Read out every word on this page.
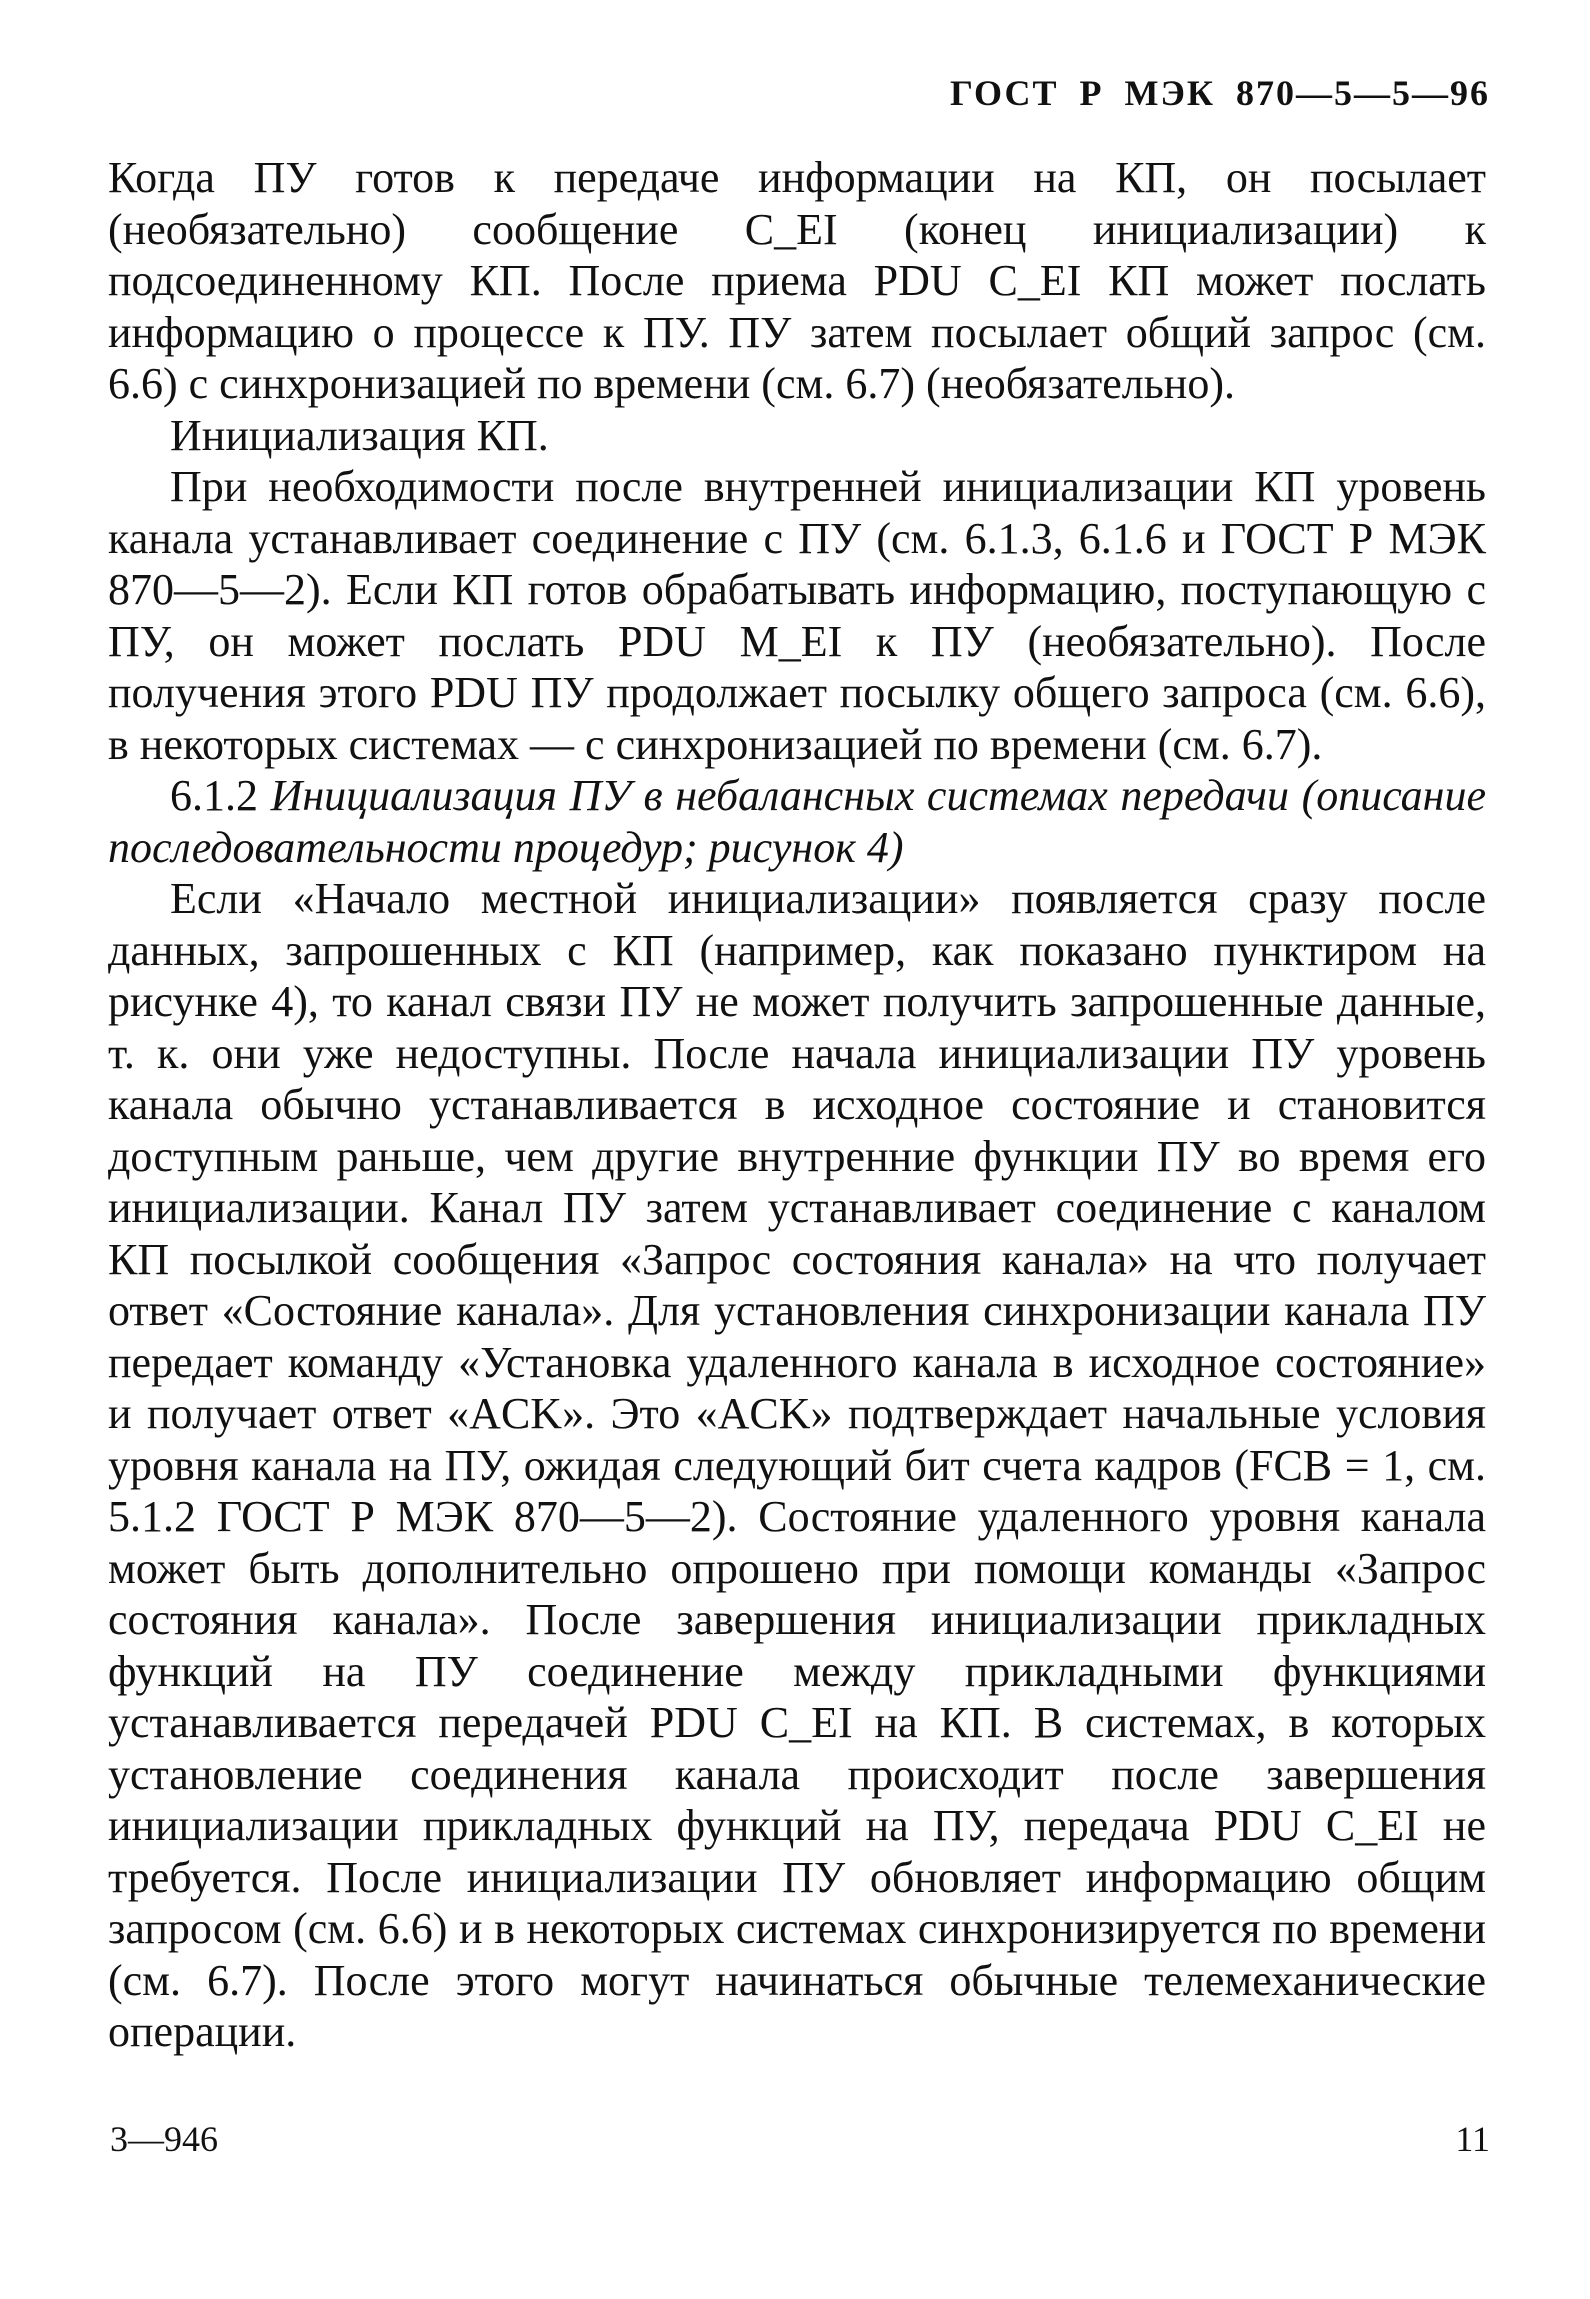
ГОСТ Р МЭК 870—5—5—96

Когда ПУ готов к передаче информации на КП, он посылает (необязательно) сообщение C_EI (конец инициализации) к подсоединенному КП. После приема PDU C_EI КП может послать информацию о процессе к ПУ. ПУ затем посылает общий запрос (см. 6.6) с синхронизацией по времени (см. 6.7) (необязательно).

Инициализация КП.

При необходимости после внутренней инициализации КП уровень канала устанавливает соединение с ПУ (см. 6.1.3, 6.1.6 и ГОСТ Р МЭК 870—5—2). Если КП готов обрабатывать информацию, поступающую с ПУ, он может послать PDU M_EI к ПУ (необязательно). После получения этого PDU ПУ продолжает посылку общего запроса (см. 6.6), в некоторых системах — с синхронизацией по времени (см. 6.7).

6.1.2 Инициализация ПУ в небалансных системах передачи (описание последовательности процедур; рисунок 4)

Если «Начало местной инициализации» появляется сразу после данных, запрошенных с КП (например, как показано пунктиром на рисунке 4), то канал связи ПУ не может получить запрошенные данные, т. к. они уже недоступны. После начала инициализации ПУ уровень канала обычно устанавливается в исходное состояние и становится доступным раньше, чем другие внутренние функции ПУ во время его инициализации. Канал ПУ затем устанавливает соединение с каналом КП посылкой сообщения «Запрос состояния канала» на что получает ответ «Состояние канала». Для установления синхронизации канала ПУ передает команду «Установка удаленного канала в исходное состояние» и получает ответ «ACK». Это «ACK» подтверждает начальные условия уровня канала на ПУ, ожидая следующий бит счета кадров (FCB = 1, см. 5.1.2 ГОСТ Р МЭК 870—5—2). Состояние удаленного уровня канала может быть дополнительно опрошено при помощи команды «Запрос состояния канала». После завершения инициализации прикладных функций на ПУ соединение между прикладными функциями устанавливается передачей PDU C_EI на КП. В системах, в которых установление соединения канала происходит после завершения инициализации прикладных функций на ПУ, передача PDU C_EI не требуется. После инициализации ПУ обновляет информацию общим запросом (см. 6.6) и в некоторых системах синхронизируется по времени (см. 6.7). После этого могут начинаться обычные телемеханические операции.

3—946	11
